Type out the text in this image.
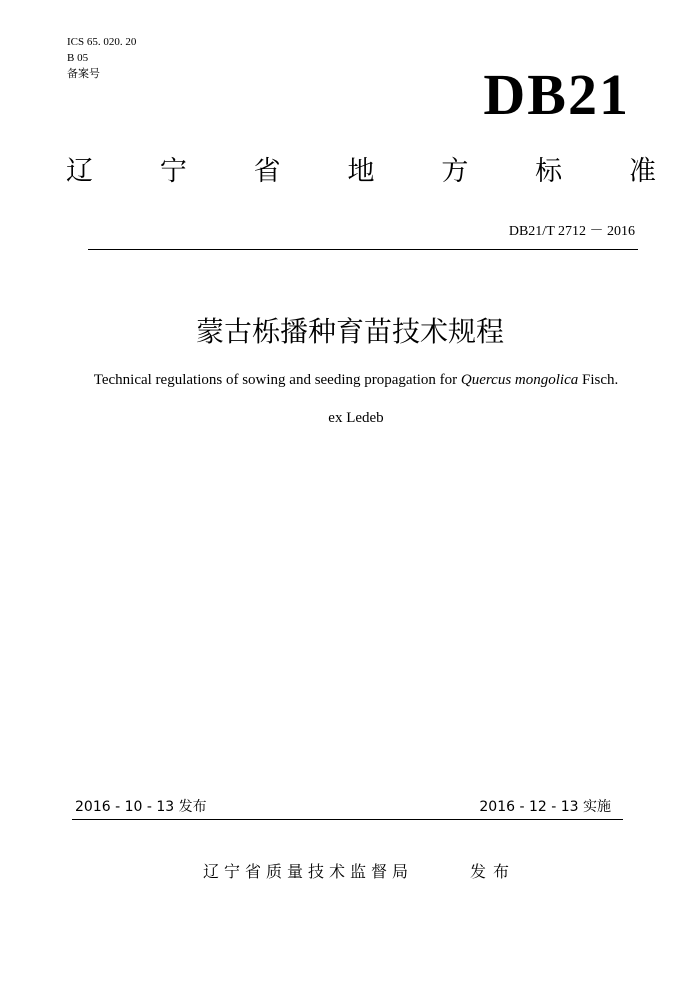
ICS 65. 020. 20
B 05
备案号	DB21
辽 宁 省 地 方 标 准
DB21/T 2712 － 2016
蒙古栎播种育苗技术规程
Technical regulations of sowing and seeding propagation for Quercus mongolica Fisch.
ex Ledeb
2016 - 10 - 13 发布	2016 - 12 - 13 实施
辽宁省质量技术监督局	发布
